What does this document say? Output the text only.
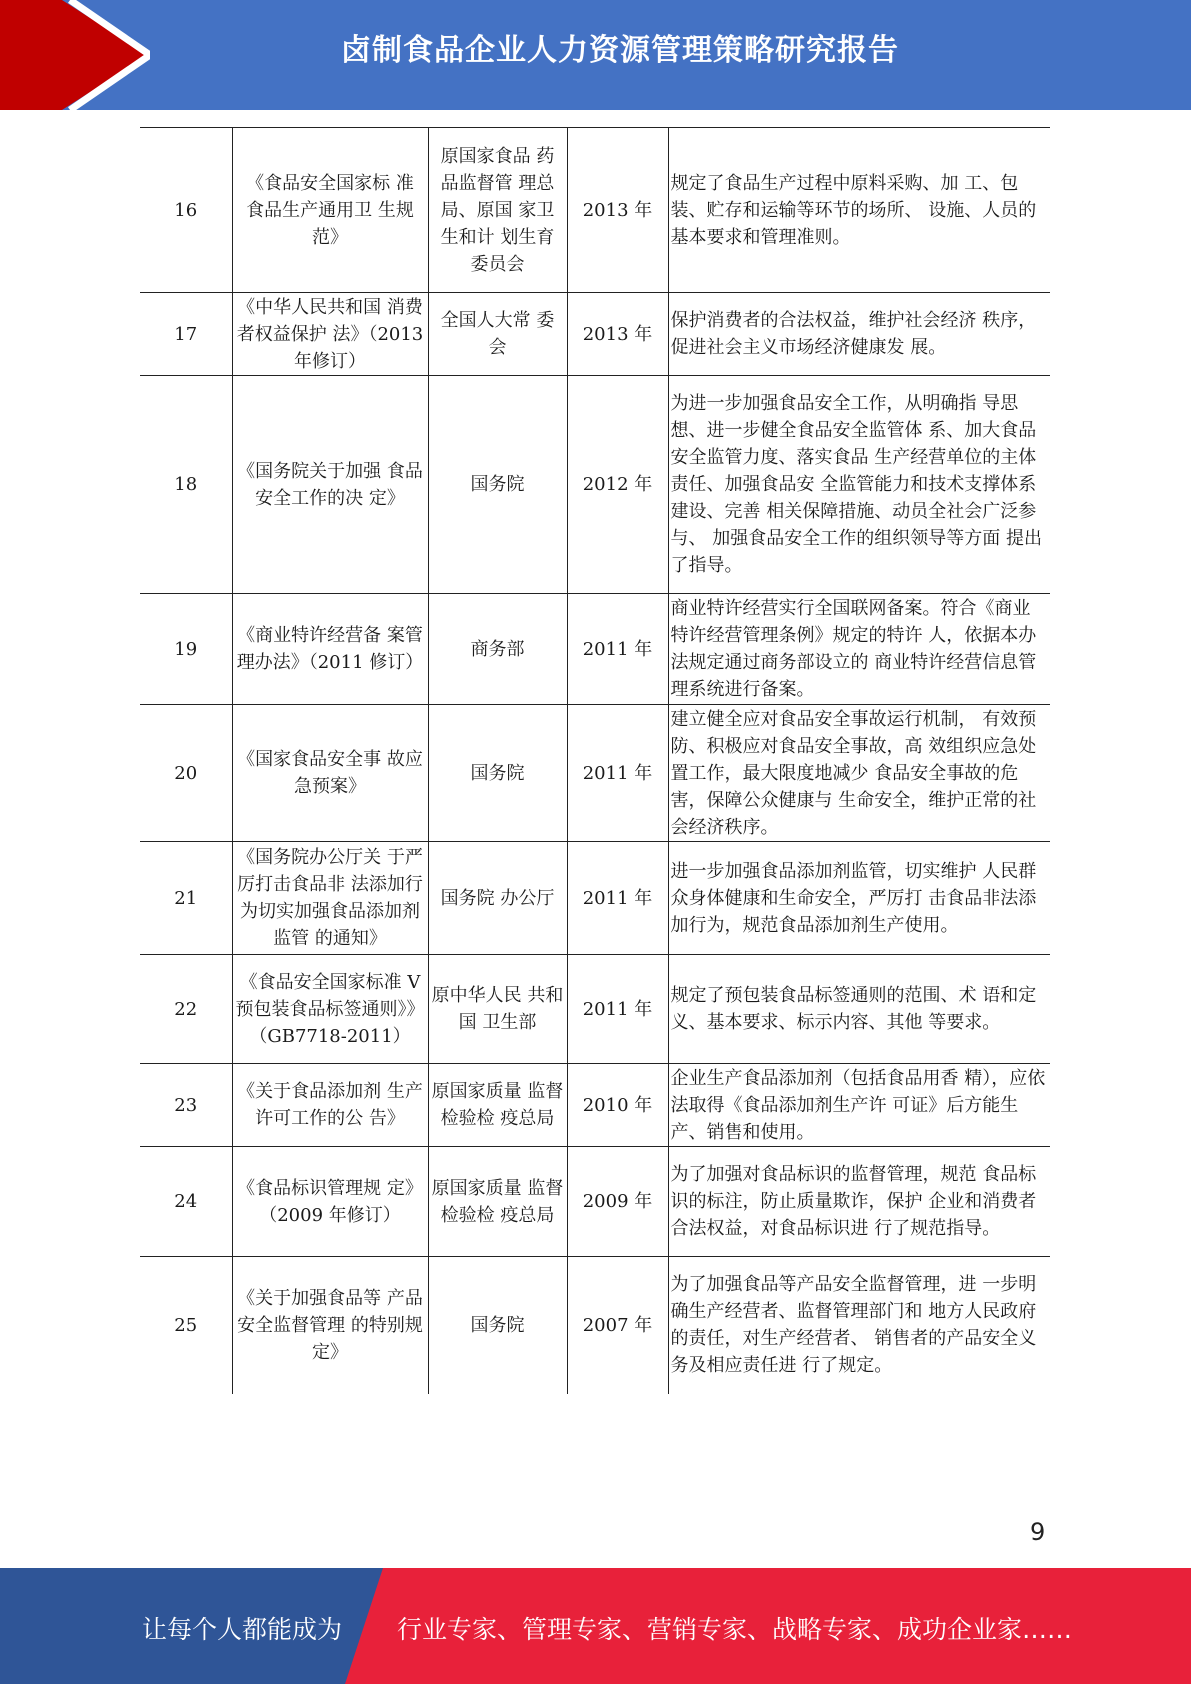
卤制食品企业人力资源管理策略研究报告
16	《食品安全国家标 准 食品生产通用卫 生规范》	原国家食品 药 品监督管 理总 局、原国 家卫 生和计 划生育 委员会	2013 年	规定了食品生产过程中原料采购、加 工、包装、贮存和运输等环节的场所、 设施、人员的基本要求和管理准则。
17	《中华人民共和国 消费者权益保护 法》（2013 年修订）	全国人大常 委 会	2013 年	保护消费者的合法权益，维护社会经济 秩序，促进社会主义市场经济健康发 展。
18	《国务院关于加强 食品安全工作的决 定》	国务院	2012 年	为进一步加强食品安全工作，从明确指 导思想、进一步健全食品安全监管体 系、加大食品安全监管力度、落实食品 生产经营单位的主体责任、加强食品安 全监管能力和技术支撑体系建设、完善 相关保障措施、动员全社会广泛参与、 加强食品安全工作的组织领导等方面 提出了指导。
19	《商业特许经营备 案管理办法》（2011 修订）	商务部	2011 年	商业特许经营实行全国联网备案。符合《商业特许经营管理条例》规定的特许 人，依据本办法规定通过商务部设立的 商业特许经营信息管理系统进行备案。
20	《国家食品安全事 故应急预案》	国务院	2011 年	建立健全应对食品安全事故运行机制， 有效预防、积极应对食品安全事故，高 效组织应急处置工作，最大限度地减少 食品安全事故的危害，保障公众健康与 生命安全，维护正常的社会经济秩序。
21	《国务院办公厅关 于严厉打击食品非 法添加行为切实加强食品添加剂监管 的通知》	国务院 办公厅	2011 年	进一步加强食品添加剂监管，切实维护 人民群众身体健康和生命安全，严厉打 击食品非法添加行为，规范食品添加剂生产使用。
22	《食品安全国家标准 V 预包装食品标签通则》》（GB7718-2011）	原中华人民 共和国 卫生部	2011 年	规定了预包装食品标签通则的范围、术 语和定义、基本要求、标示内容、其他 等要求。
23	《关于食品添加剂 生产许可工作的公 告》	原国家质量 监督检验检 疫总局	2010 年	企业生产食品添加剂（包括食品用香 精），应依法取得《食品添加剂生产许 可证》后方能生产、销售和使用。
24	《食品标识管理规 定》（2009 年修订）	原国家质量 监督检验检 疫总局	2009 年	为了加强对食品标识的监督管理，规范 食品标识的标注，防止质量欺诈，保护 企业和消费者合法权益，对食品标识进 行了规范指导。
25	《关于加强食品等 产品安全监督管理 的特别规定》	国务院	2007 年	为了加强食品等产品安全监督管理，进 一步明确生产经营者、监督管理部门和 地方人民政府的责任，对生产经营者、 销售者的产品安全义务及相应责任进 行了规定。
9
让每个人都能成为 行业专家、管理专家、营销专家、战略专家、成功企业家……
